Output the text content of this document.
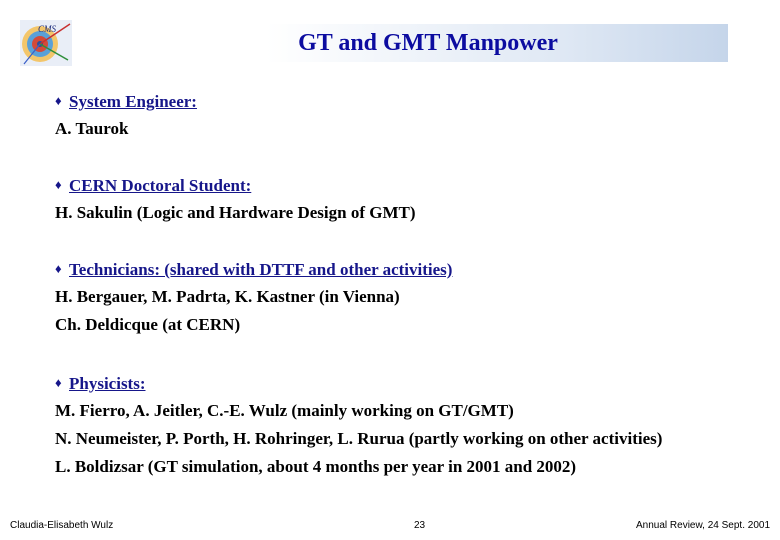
CMS
GT and GMT Manpower
♦ System Engineer:
A. Taurok
♦ CERN Doctoral Student:
H. Sakulin (Logic and Hardware Design of GMT)
♦ Technicians: (shared with DTTF and other activities)
H. Bergauer, M. Padrta, K. Kastner (in Vienna)
Ch. Deldicque (at CERN)
♦ Physicists:
M. Fierro, A. Jeitler, C.-E. Wulz (mainly working on GT/GMT)
N. Neumeister, P. Porth, H. Rohringer, L. Rurua (partly working on other activities)
L. Boldizsar (GT simulation, about 4 months per year in 2001 and 2002)
Claudia-Elisabeth Wulz	23	Annual Review, 24 Sept. 2001
